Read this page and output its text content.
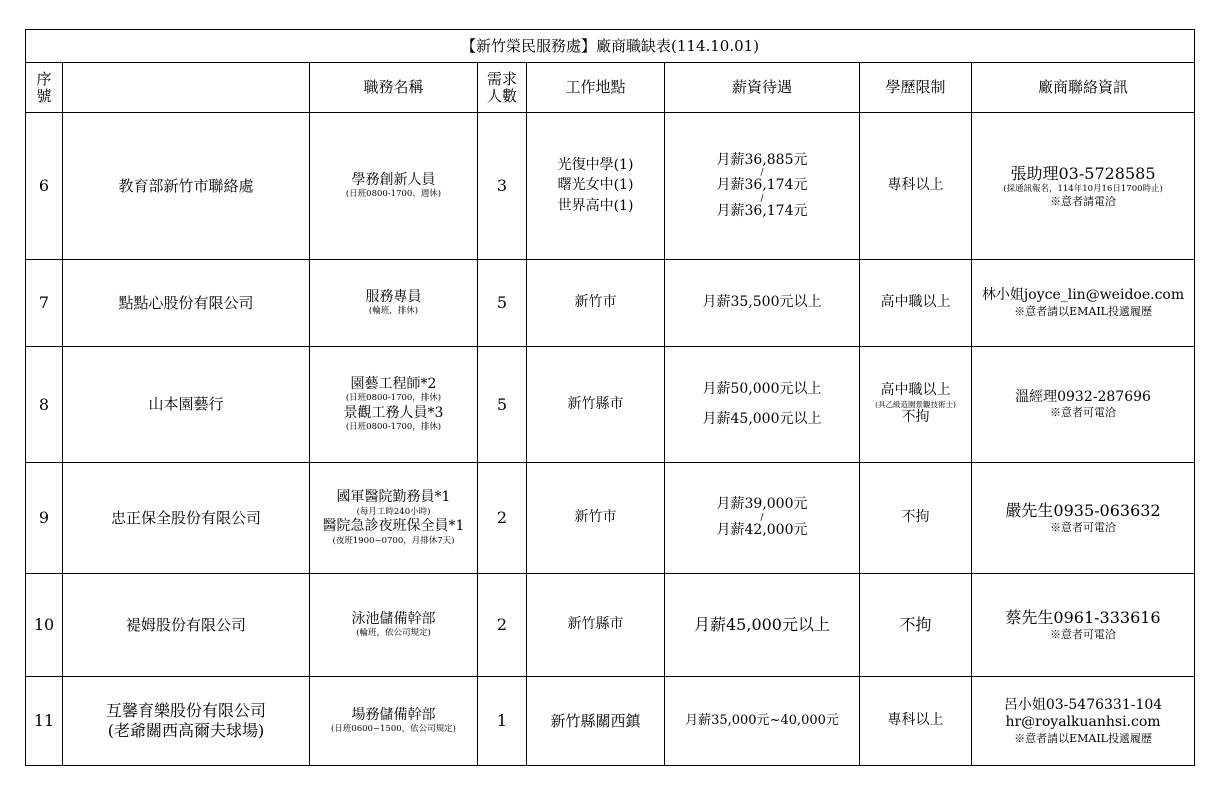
【新竹榮民服務處】廠商職缺表(114.10.01)							

序
號		職務名稱	需求
人數	工作地點	薪資待遇	學歷限制	廠商聯絡資訊
6	教育部新竹市聯絡處	學務創新人員
(日班0800-1700、週休)	3	光復中學(1)
曙光女中(1)
世界高中(1)	月薪36,885元
/
月薪36,174元
/
月薪36,174元	專科以上	張助理03-5728585
(採通訊報名，114年10月16日1700時止)
※意者請電洽

7	點點心股份有限公司	服務專員
(輪班，排休)	5	新竹市	月薪35,500元以上	高中職以上	林小姐joyce_lin@weidoe.com
※意者請以EMAIL投遞履歷

8	山本園藝行	園藝工程師*2
(日班0800-1700，排休)
景觀工務人員*3
(日班0800-1700，排休)	5	新竹縣市	月薪50,000元以上
月薪45,000元以上	高中職以上
(具乙級造園景觀技術士)
不拘	溫經理0932-287696
※意者可電洽

9	忠正保全股份有限公司	國軍醫院勤務員*1
(每月工時240小時)
醫院急診夜班保全員*1
(夜班1900~0700，月排休7天)	2	新竹市	月薪39,000元
/
月薪42,000元	不拘	嚴先生0935-063632
※意者可電洽

10	褆姆股份有限公司	泳池儲備幹部
(輪班，依公司規定)	2	新竹縣市	月薪45,000元以上	不拘	蔡先生0961-333616
※意者可電洽

11	互馨育樂股份有限公司
(老爺關西高爾夫球場)	場務儲備幹部
(日班0600~1500，依公司規定)	1	新竹縣關西鎮	月薪35,000元~40,000元	專科以上	呂小姐03-5476331-104
hr@royalkuanhsi.com
※意者請以EMAIL投遞履歷
